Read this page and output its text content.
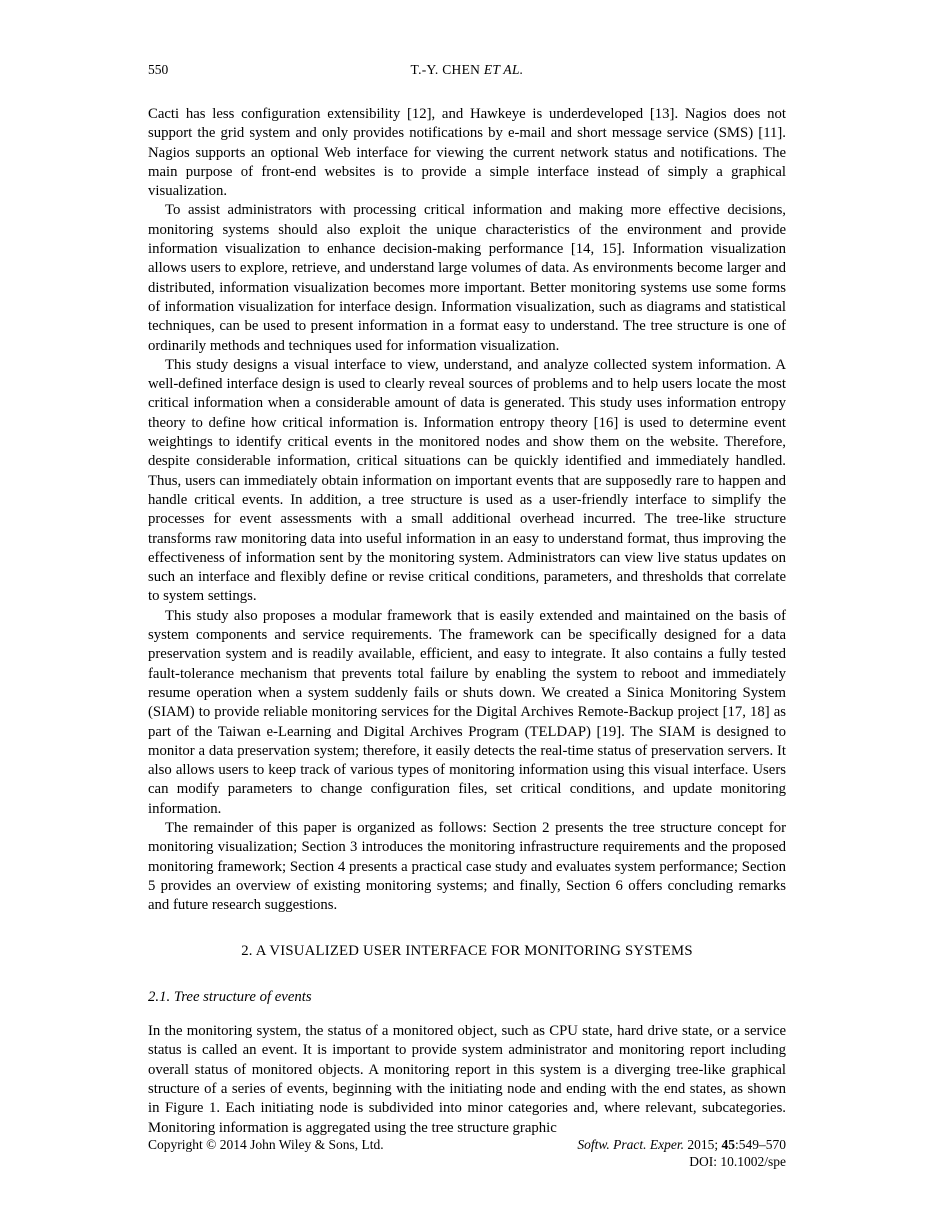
550	T.-Y. CHEN ET AL.

Cacti has less configuration extensibility [12], and Hawkeye is underdeveloped [13]. Nagios does not support the grid system and only provides notifications by e-mail and short message service (SMS) [11]. Nagios supports an optional Web interface for viewing the current network status and notifications. The main purpose of front-end websites is to provide a simple interface instead of simply a graphical visualization.

To assist administrators with processing critical information and making more effective decisions, monitoring systems should also exploit the unique characteristics of the environment and provide information visualization to enhance decision-making performance [14, 15]. Information visualization allows users to explore, retrieve, and understand large volumes of data. As environments become larger and distributed, information visualization becomes more important. Better monitoring systems use some forms of information visualization for interface design. Information visualization, such as diagrams and statistical techniques, can be used to present information in a format easy to understand. The tree structure is one of ordinarily methods and techniques used for information visualization.

This study designs a visual interface to view, understand, and analyze collected system information. A well-defined interface design is used to clearly reveal sources of problems and to help users locate the most critical information when a considerable amount of data is generated. This study uses information entropy theory to define how critical information is. Information entropy theory [16] is used to determine event weightings to identify critical events in the monitored nodes and show them on the website. Therefore, despite considerable information, critical situations can be quickly identified and immediately handled. Thus, users can immediately obtain information on important events that are supposedly rare to happen and handle critical events. In addition, a tree structure is used as a user-friendly interface to simplify the processes for event assessments with a small additional overhead incurred. The tree-like structure transforms raw monitoring data into useful information in an easy to understand format, thus improving the effectiveness of information sent by the monitoring system. Administrators can view live status updates on such an interface and flexibly define or revise critical conditions, parameters, and thresholds that correlate to system settings.

This study also proposes a modular framework that is easily extended and maintained on the basis of system components and service requirements. The framework can be specifically designed for a data preservation system and is readily available, efficient, and easy to integrate. It also contains a fully tested fault-tolerance mechanism that prevents total failure by enabling the system to reboot and immediately resume operation when a system suddenly fails or shuts down. We created a Sinica Monitoring System (SIAM) to provide reliable monitoring services for the Digital Archives Remote-Backup project [17, 18] as part of the Taiwan e-Learning and Digital Archives Program (TELDAP) [19]. The SIAM is designed to monitor a data preservation system; therefore, it easily detects the real-time status of preservation servers. It also allows users to keep track of various types of monitoring information using this visual interface. Users can modify parameters to change configuration files, set critical conditions, and update monitoring information.

The remainder of this paper is organized as follows: Section 2 presents the tree structure concept for monitoring visualization; Section 3 introduces the monitoring infrastructure requirements and the proposed monitoring framework; Section 4 presents a practical case study and evaluates system performance; Section 5 provides an overview of existing monitoring systems; and finally, Section 6 offers concluding remarks and future research suggestions.

2. A VISUALIZED USER INTERFACE FOR MONITORING SYSTEMS
2.1. Tree structure of events

In the monitoring system, the status of a monitored object, such as CPU state, hard drive state, or a service status is called an event. It is important to provide system administrator and monitoring report including overall status of monitored objects. A monitoring report in this system is a diverging tree-like graphical structure of a series of events, beginning with the initiating node and ending with the end states, as shown in Figure 1. Each initiating node is subdivided into minor categories and, where relevant, subcategories. Monitoring information is aggregated using the tree structure graphic

Copyright © 2014 John Wiley & Sons, Ltd.	Softw. Pract. Exper. 2015; 45:549–570
DOI: 10.1002/spe
